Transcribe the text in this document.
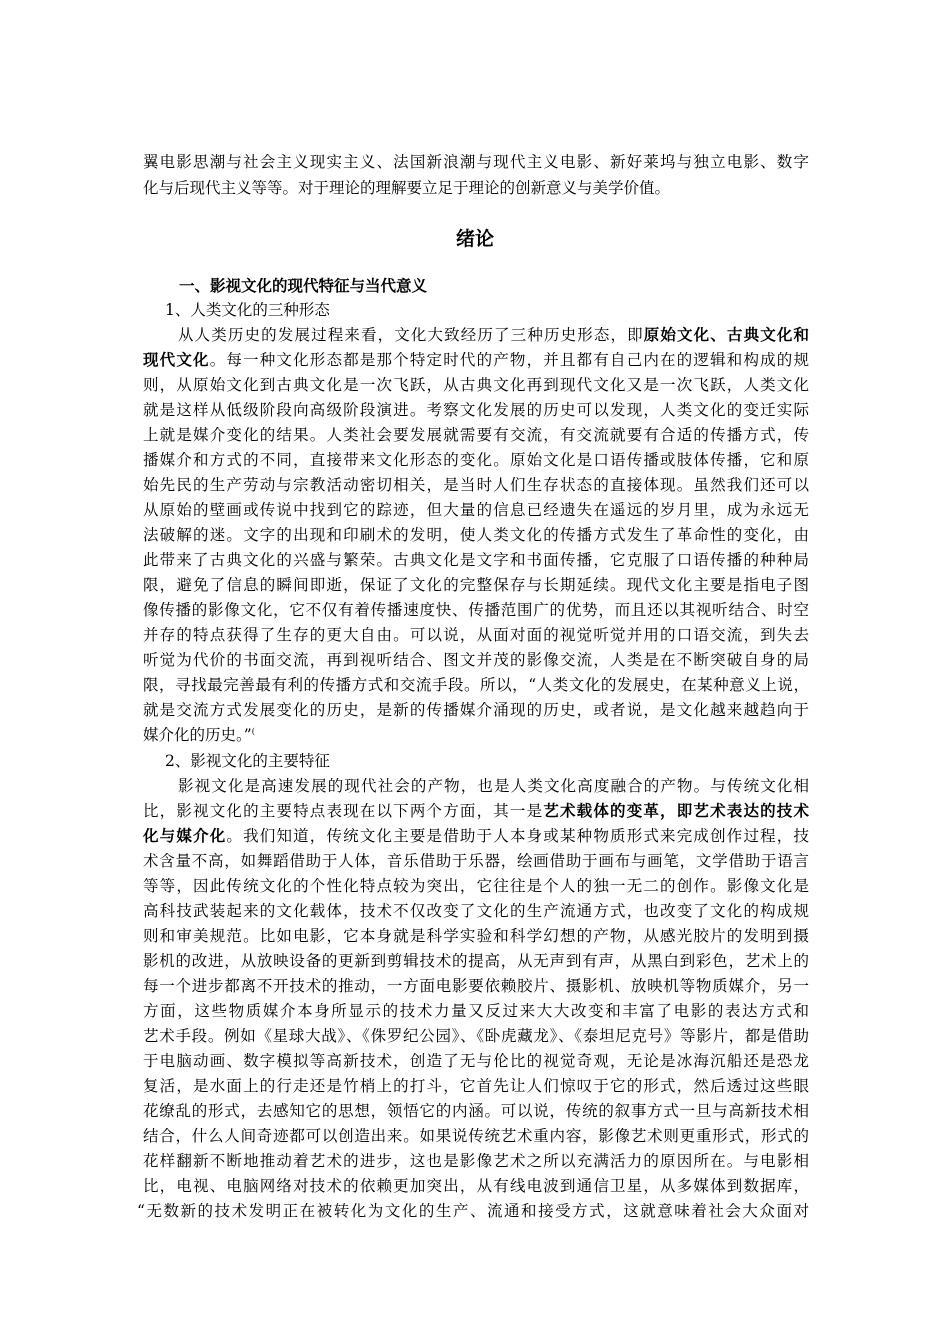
翼电影思潮与社会主义现实主义、法国新浪潮与现代主义电影、新好莱坞与独立电影、数字
化与后现代主义等等。对于理论的理解要立足于理论的创新意义与美学价值。
绪论
一、影视文化的现代特征与当代意义
1、人类文化的三种形态
从人类历史的发展过程来看，文化大致经历了三种历史形态，即原始文化、古典文化和
现代文化。每一种文化形态都是那个特定时代的产物，并且都有自己内在的逻辑和构成的规
则，从原始文化到古典文化是一次飞跃，从古典文化再到现代文化又是一次飞跃，人类文化
就是这样从低级阶段向高级阶段演进。考察文化发展的历史可以发现，人类文化的变迁实际
上就是媒介变化的结果。人类社会要发展就需要有交流，有交流就要有合适的传播方式，传
播媒介和方式的不同，直接带来文化形态的变化。原始文化是口语传播或肢体传播，它和原
始先民的生产劳动与宗教活动密切相关，是当时人们生存状态的直接体现。虽然我们还可以
从原始的壁画或传说中找到它的踪迹，但大量的信息已经遗失在遥远的岁月里，成为永远无
法破解的迷。文字的出现和印刷术的发明，使人类文化的传播方式发生了革命性的变化，由
此带来了古典文化的兴盛与繁荣。古典文化是文字和书面传播，它克服了口语传播的种种局
限，避免了信息的瞬间即逝，保证了文化的完整保存与长期延续。现代文化主要是指电子图
像传播的影像文化，它不仅有着传播速度快、传播范围广的优势，而且还以其视听结合、时空
并存的特点获得了生存的更大自由。可以说，从面对面的视觉听觉并用的口语交流，到失去
听觉为代价的书面交流，再到视听结合、图文并茂的影像交流，人类是在不断突破自身的局
限，寻找最完善最有利的传播方式和交流手段。所以，“人类文化的发展史，在某种意义上说，
就是交流方式发展变化的历史，是新的传播媒介涌现的历史，或者说，是文化越来越趋向于
媒介化的历史。”(
2、影视文化的主要特征
影视文化是高速发展的现代社会的产物，也是人类文化高度融合的产物。与传统文化相
比，影视文化的主要特点表现在以下两个方面，其一是艺术载体的变革，即艺术表达的技术
化与媒介化。我们知道，传统文化主要是借助于人本身或某种物质形式来完成创作过程，技
术含量不高，如舞蹈借助于人体，音乐借助于乐器，绘画借助于画布与画笔，文学借助于语言
等等，因此传统文化的个性化特点较为突出，它往往是个人的独一无二的创作。影像文化是
高科技武装起来的文化载体，技术不仅改变了文化的生产流通方式，也改变了文化的构成规
则和审美规范。比如电影，它本身就是科学实验和科学幻想的产物，从感光胶片的发明到摄
影机的改进，从放映设备的更新到剪辑技术的提高，从无声到有声，从黑白到彩色，艺术上的
每一个进步都离不开技术的推动，一方面电影要依赖胶片、摄影机、放映机等物质媒介，另一
方面，这些物质媒介本身所显示的技术力量又反过来大大改变和丰富了电影的表达方式和
艺术手段。例如《星球大战》、《侏罗纪公园》、《卧虎藏龙》、《泰坦尼克号》等影片，都是借助
于电脑动画、数字模拟等高新技术，创造了无与伦比的视觉奇观，无论是冰海沉船还是恐龙
复活，是水面上的行走还是竹梢上的打斗，它首先让人们惊叹于它的形式，然后透过这些眼
花缭乱的形式，去感知它的思想，领悟它的内涵。可以说，传统的叙事方式一旦与高新技术相
结合，什么人间奇迹都可以创造出来。如果说传统艺术重内容，影像艺术则更重形式，形式的
花样翻新不断地推动着艺术的进步，这也是影像艺术之所以充满活力的原因所在。与电影相
比，电视、电脑网络对技术的依赖更加突出，从有线电波到通信卫星，从多媒体到数据库，
“无数新的技术发明正在被转化为文化的生产、流通和接受方式，这就意味着社会大众面对
